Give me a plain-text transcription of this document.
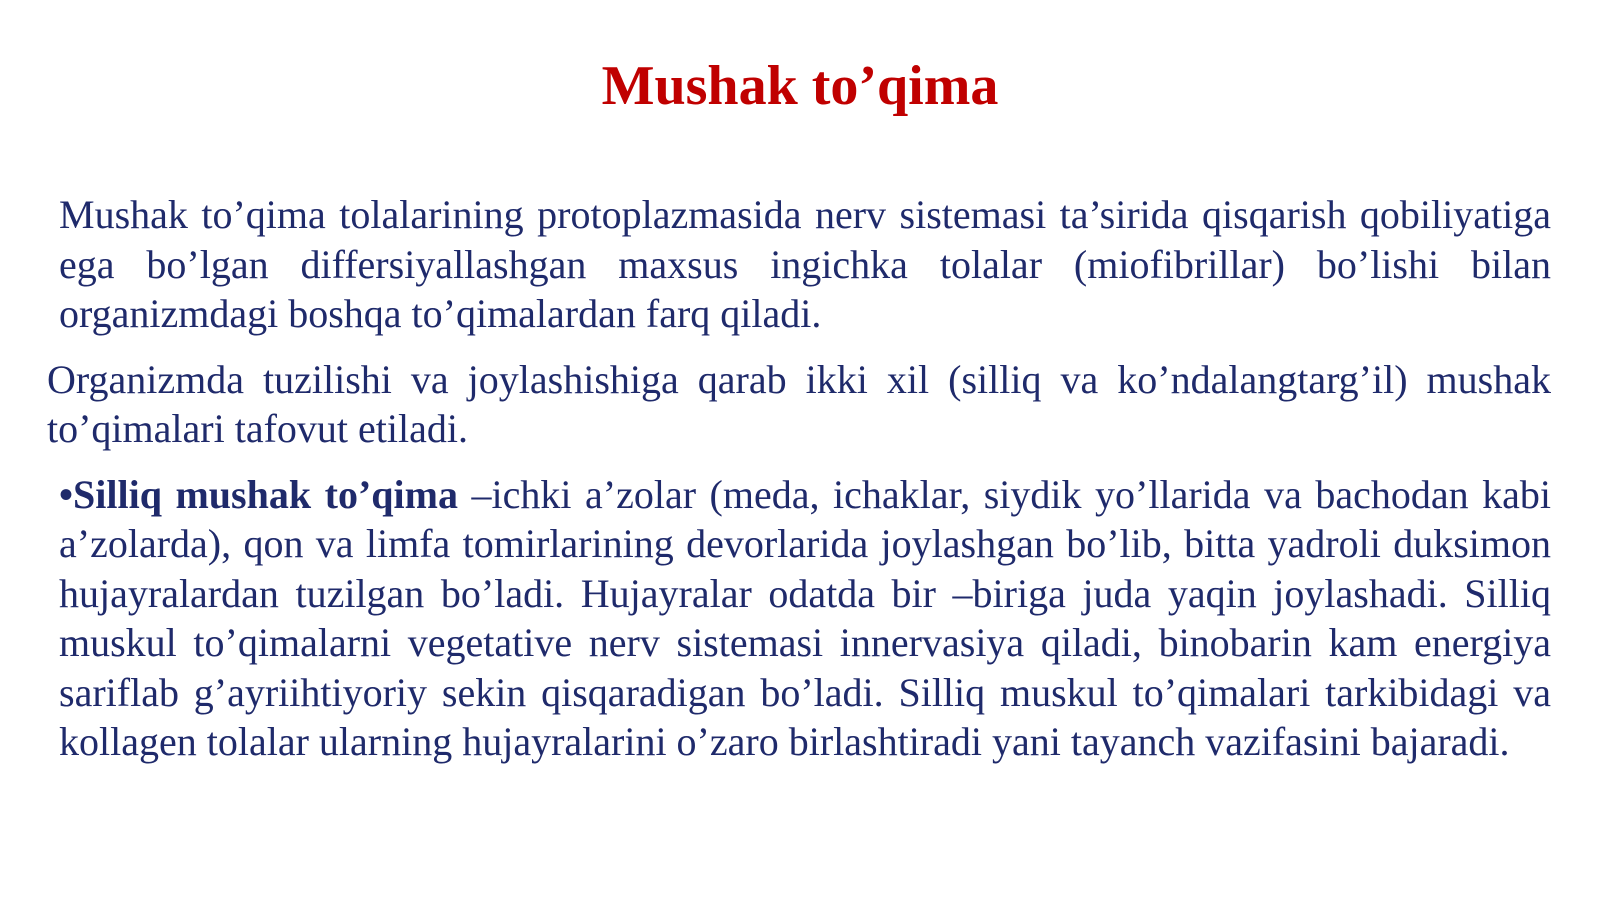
Mushak to’qima

Mushak to’qima tolalarining protoplazmasida nerv sistemasi ta’sirida qisqarish qobiliyatiga ega bo’lgan differsiyallashgan maxsus ingichka tolalar (miofibrillar) bo’lishi bilan organizmdagi boshqa to’qimalardan farq qiladi.

Organizmda tuzilishi va joylashishiga qarab ikki xil (silliq va ko’ndalangtarg’il) mushak to’qimalari tafovut etiladi.

•Silliq mushak to’qima –ichki a’zolar (meda, ichaklar, siydik yo’llarida va bachodan kabi a’zolarda), qon va limfa tomirlarining devorlarida joylashgan bo’lib, bitta yadroli duksimon hujayralardan tuzilgan bo’ladi. Hujayralar odatda bir –biriga juda yaqin joylashadi. Silliq muskul to’qimalarni vegetative nerv sistemasi innervasiya qiladi, binobarin kam energiya sariflab g’ayriihtiyoriy sekin qisqaradigan bo’ladi. Silliq muskul to’qimalari tarkibidagi va kollagen tolalar ularning hujayralarini o’zaro birlashtiradi yani tayanch vazifasini bajaradi.
